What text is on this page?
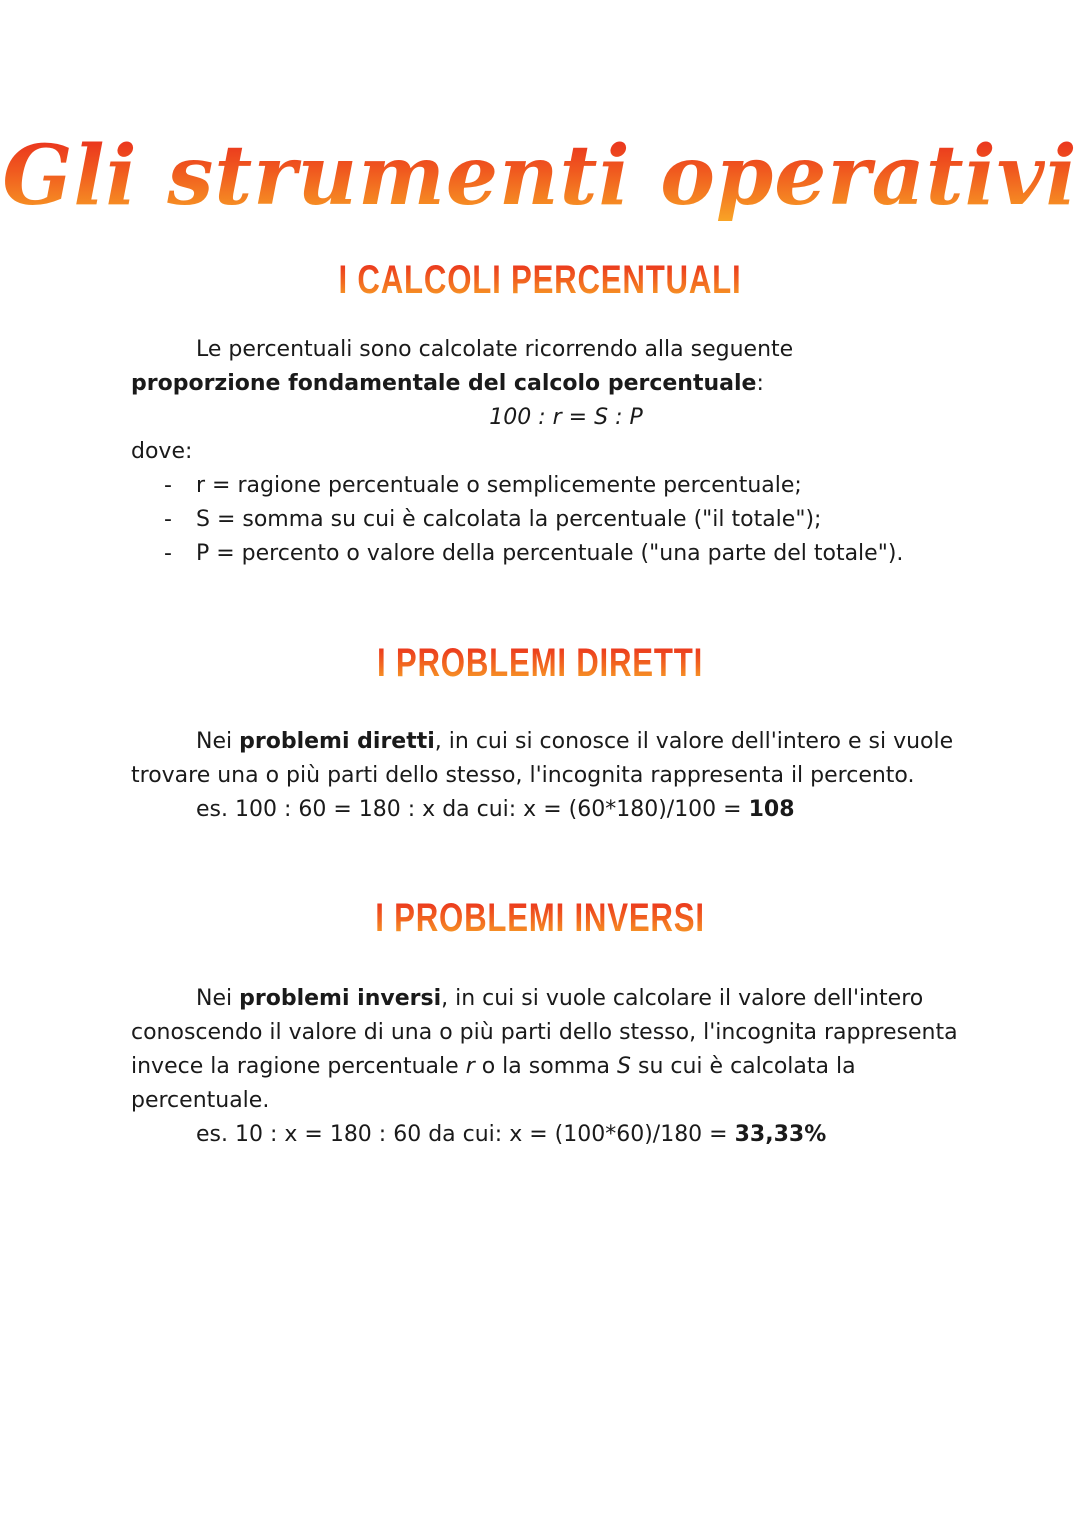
Gli strumenti operativi
I CALCOLI PERCENTUALI
Le percentuali sono calcolate ricorrendo alla seguente
proporzione fondamentale del calcolo percentuale:
100 : r = S : P
dove:
- r = ragione percentuale o semplicemente percentuale;
- S = somma su cui è calcolata la percentuale ("il totale");
- P = percento o valore della percentuale ("una parte del totale").
I PROBLEMI DIRETTI
Nei problemi diretti, in cui si conosce il valore dell'intero e si vuole trovare una o più parti dello stesso, l'incognita rappresenta il percento.
es. 100 : 60 = 180 : x da cui: x = (60*180)/100 = 108
I PROBLEMI INVERSI
Nei problemi inversi, in cui si vuole calcolare il valore dell'intero conoscendo il valore di una o più parti dello stesso, l'incognita rappresenta invece la ragione percentuale r o la somma S su cui è calcolata la percentuale.
es. 10 : x = 180 : 60 da cui: x = (100*60)/180 = 33,33%
